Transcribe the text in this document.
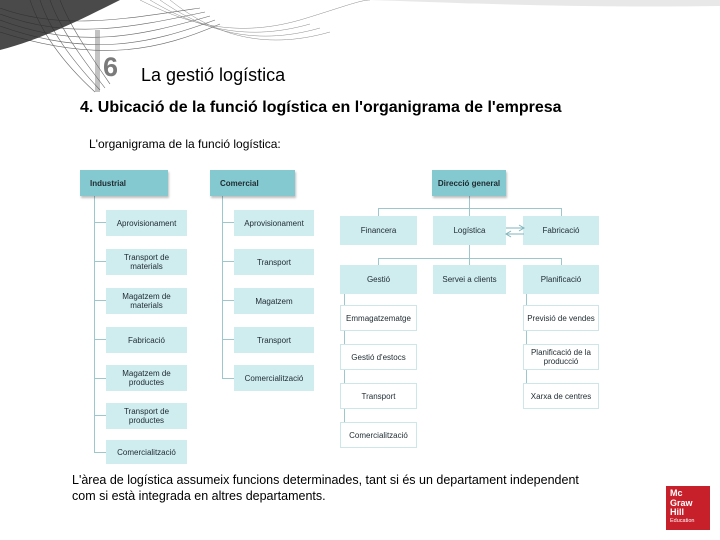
6 La gestió logística
4. Ubicació de la funció logística en l'organigrama de l'empresa
L'organigrama de la funció logística:
Industrial
Aprovisionament
Transport de materials
Magatzem de materials
Fabricació
Magatzem de productes
Transport de productes
Comercialització
Comercial
Aprovisionament
Transport
Magatzem
Transport
Comercialització
Direcció general
Financera	Logística	Fabricació
Gestió	Servei a clients	Planificació
Emmagatzematge
Gestió d'estocs
Transport
Comercialització
Previsió de vendes
Planificació de la producció
Xarxa de centres
L'àrea de logística assumeix funcions determinades, tant si és un departament independent com si està integrada en altres departaments.	Mc
Graw
Hill
Education
